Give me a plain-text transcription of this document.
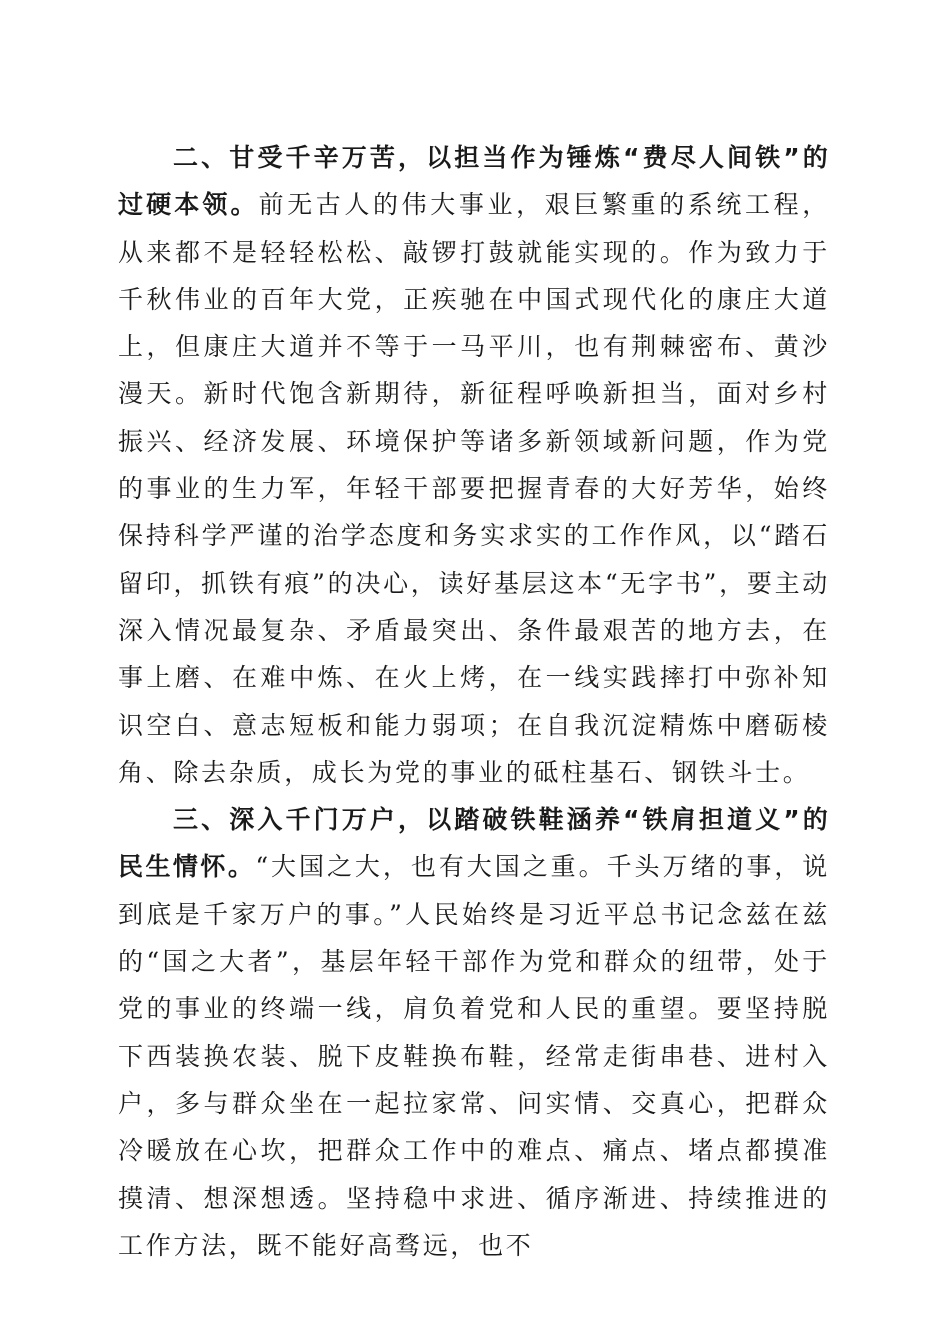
二、甘受千辛万苦，以担当作为锤炼“费尽人间铁”的过硬本领。前无古人的伟大事业，艰巨繁重的系统工程，从来都不是轻轻松松、敲锣打鼓就能实现的。作为致力于千秋伟业的百年大党，正疾驰在中国式现代化的康庄大道上，但康庄大道并不等于一马平川，也有荆棘密布、黄沙漫天。新时代饱含新期待，新征程呼唤新担当，面对乡村振兴、经济发展、环境保护等诸多新领域新问题，作为党的事业的生力军，年轻干部要把握青春的大好芳华，始终保持科学严谨的治学态度和务实求实的工作作风，以“踏石留印，抓铁有痕”的决心，读好基层这本“无字书”，要主动深入情况最复杂、矛盾最突出、条件最艰苦的地方去，在事上磨、在难中炼、在火上烤，在一线实践摔打中弥补知识空白、意志短板和能力弱项；在自我沉淀精炼中磨砺棱角、除去杂质，成长为党的事业的砥柱基石、钢铁斗士。

三、深入千门万户，以踏破铁鞋涵养“铁肩担道义”的民生情怀。“大国之大，也有大国之重。千头万绪的事，说到底是千家万户的事。”人民始终是习近平总书记念兹在兹的“国之大者”，基层年轻干部作为党和群众的纽带，处于党的事业的终端一线，肩负着党和人民的重望。要坚持脱下西装换农装、脱下皮鞋换布鞋，经常走街串巷、进村入户，多与群众坐在一起拉家常、问实情、交真心，把群众冷暖放在心坎，把群众工作中的难点、痛点、堵点都摸准摸清、想深想透。坚持稳中求进、循序渐进、持续推进的工作方法，既不能好高骛远，也不
